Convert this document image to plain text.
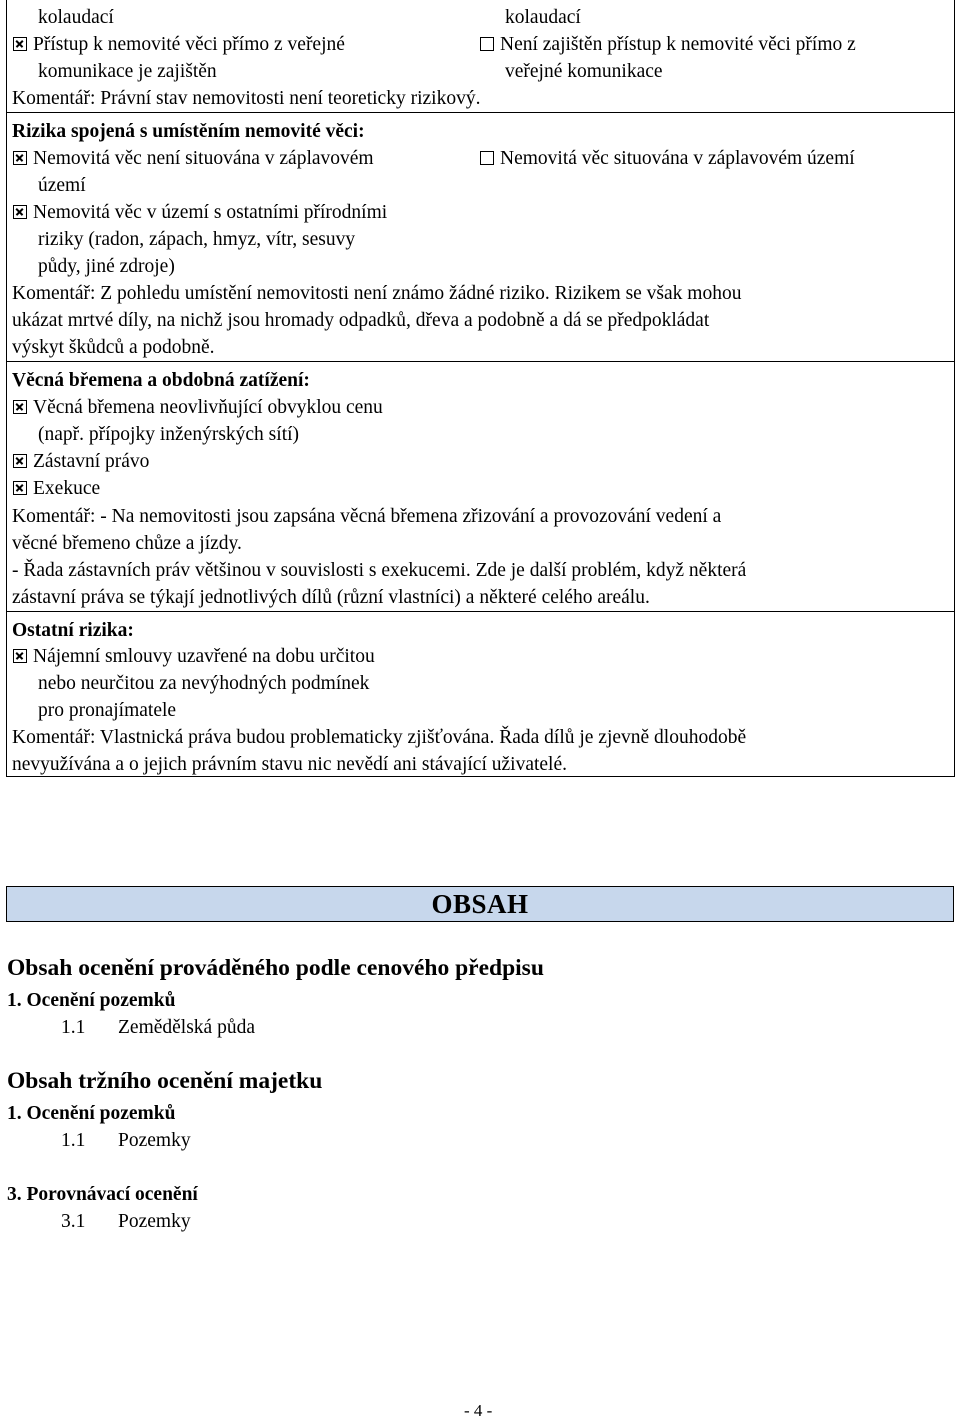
kolaudací	kolaudací
Přístup k nemovité věci přímo z veřejné
komunikace je zajištěn
Není zajištěn přístup k nemovité věci přímo z
veřejné komunikace
Komentář: Právní stav nemovitosti není teoreticky rizikový.
Rizika spojená s umístěním nemovité věci:
Nemovitá věc není situována v záplavovém
území
Nemovitá věc situována v záplavovém území
Nemovitá věc v území s ostatními přírodními
riziky (radon, zápach, hmyz, vítr, sesuvy
půdy, jiné zdroje)
Komentář: Z pohledu umístění nemovitosti není známo žádné riziko. Rizikem se však mohou
ukázat mrtvé díly, na nichž jsou hromady odpadků, dřeva a podobně a dá se předpokládat
výskyt škůdců a podobně.
Věcná břemena a obdobná zatížení:
Věcná břemena neovlivňující obvyklou cenu
(např. přípojky inženýrských sítí)
Zástavní právo
Exekuce
Komentář: - Na nemovitosti jsou zapsána věcná břemena zřizování a provozování vedení a
věcné břemeno chůze a jízdy.
- Řada zástavních práv většinou v souvislosti s exekucemi. Zde je další problém, když některá
zástavní práva se týkají jednotlivých dílů (různí vlastníci) a některé celého areálu.
Ostatní rizika:
Nájemní smlouvy uzavřené na dobu určitou
nebo neurčitou za nevýhodných podmínek
pro pronajímatele
Komentář: Vlastnická práva budou problematicky zjišťována. Řada dílů je zjevně dlouhodobě
nevyužívána a o jejich právním stavu nic nevědí ani stávající uživatelé.
OBSAH
Obsah ocenění prováděného podle cenového předpisu
1. Ocenění pozemků
1.1 Zemědělská půda
Obsah tržního ocenění majetku
1. Ocenění pozemků
1.1 Pozemky
3. Porovnávací ocenění
3.1 Pozemky
- 4 -
